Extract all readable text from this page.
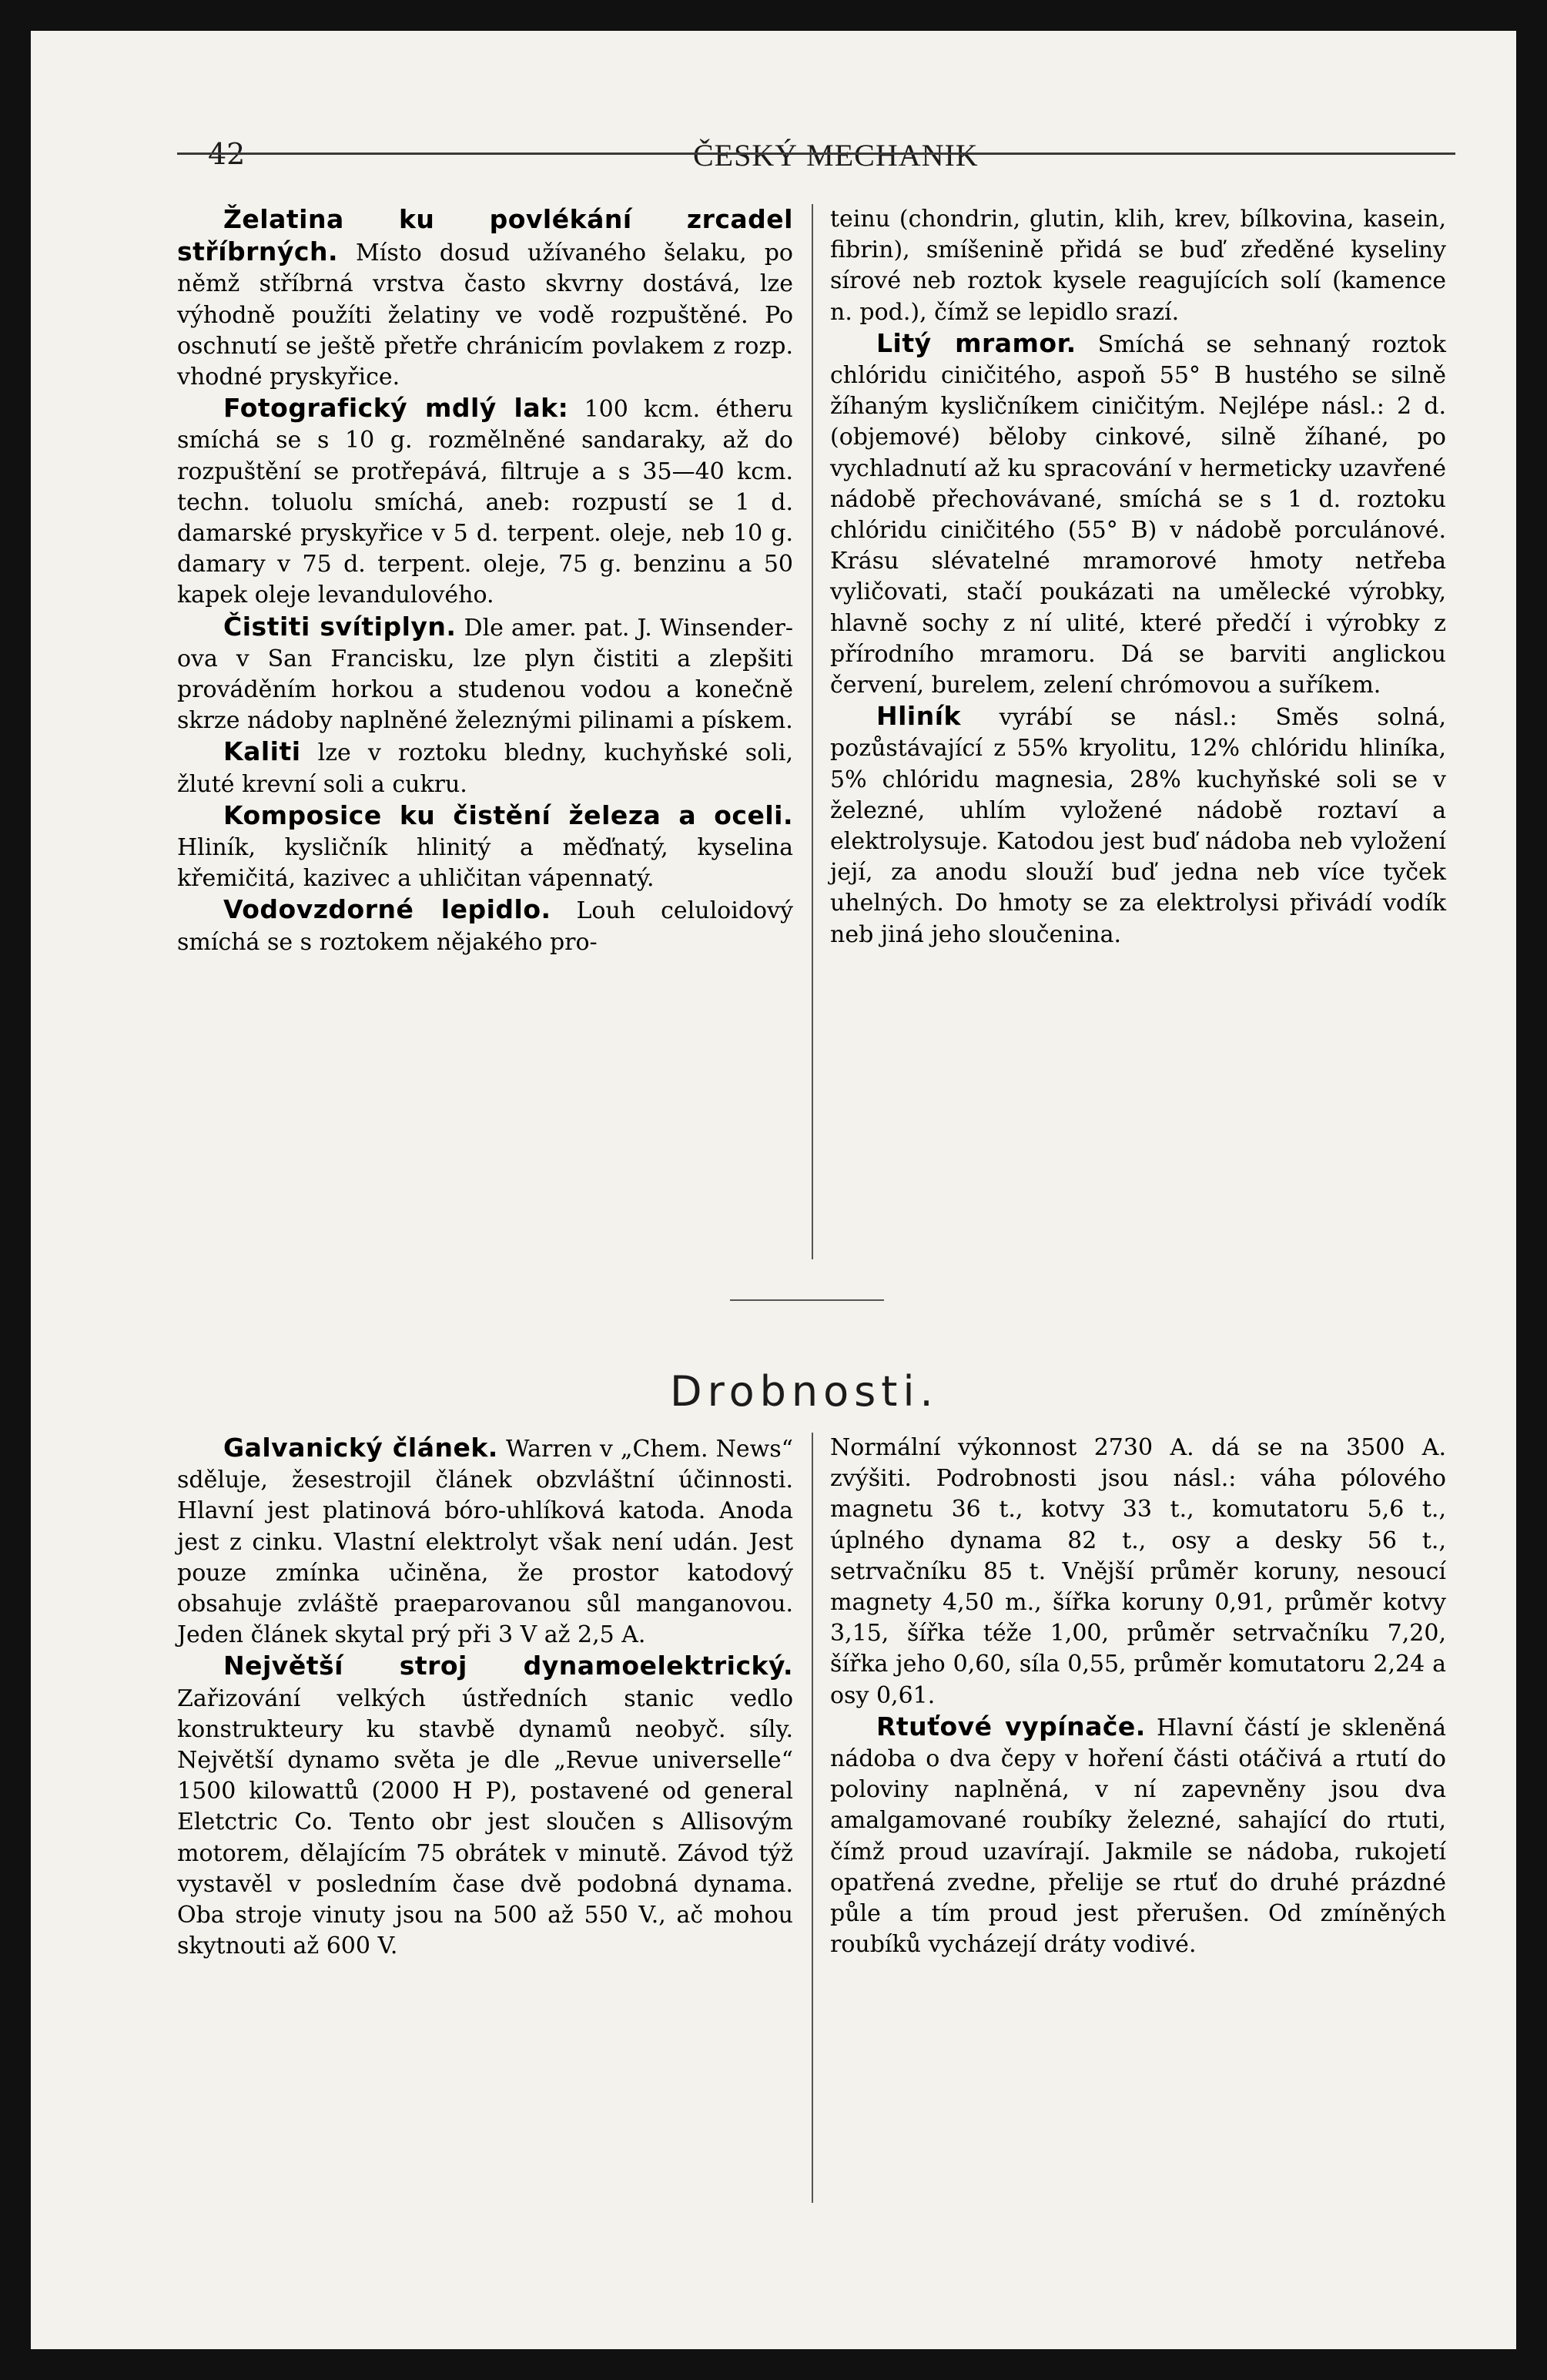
42	ČESKÝ MECHANIK

Želatina ku povlékání zrcadel stříbrných. Místo dosud užívaného šelaku, po němž stříbrná vrstva často skvrny dostává, lze výhodně použíti želatiny ve vodě rozpuštěné. Po oschnutí se ještě přetře chránicím povlakem z rozp. vhodné pryskyřice.

Fotografický mdlý lak: 100 kcm. étheru smíchá se s 10 g. rozmělněné sandaraky, až do rozpuštění se protřepává, filtruje a s 35—40 kcm. techn. toluolu smíchá, aneb: rozpustí se 1 d. damarské pryskyřice v 5 d. terpent. oleje, neb 10 g. damary v 75 d. terpent. oleje, 75 g. benzinu a 50 kapek oleje levandulového.

Čistiti svítiplyn. Dle amer. pat. J. Winsender-ova v San Francisku, lze plyn čistiti a zlepšiti prováděním horkou a studenou vodou a konečně skrze nádoby naplněné železnými pilinami a pískem.

Kaliti lze v roztoku bledny, kuchyňské soli, žluté krevní soli a cukru.

Komposice ku čistění železa a oceli. Hliník, kysličník hlinitý a měďnatý, kyselina křemičitá, kazivec a uhličitan vápennatý.

Vodovzdorné lepidlo. Louh celuloidový smíchá se s roztokem nějakého pro-

teinu (chondrin, glutin, klih, krev, bílkovina, kasein, fibrin), smíšenině přidá se buď zředěné kyseliny sírové neb roztok kysele reagujících solí (kamence n. pod.), čímž se lepidlo srazí.

Litý mramor. Smíchá se sehnaný roztok chlóridu ciničitého, aspoň 55° B hustého se silně žíhaným kysličníkem ciničitým. Nejlépe násl.: 2 d. (objemové) běloby cinkové, silně žíhané, po vychladnutí až ku spracování v hermeticky uzavřené nádobě přechovávané, smíchá se s 1 d. roztoku chlóridu ciničitého (55° B) v nádobě porculánové. Krásu slévatelné mramorové hmoty netřeba vyličovati, stačí poukázati na umělecké výrobky, hlavně sochy z ní ulité, které předčí i výrobky z přírodního mramoru. Dá se barviti anglickou červení, burelem, zelení chrómovou a suříkem.

Hliník vyrábí se násl.: Směs solná, pozůstávající z 55% kryolitu, 12% chlóridu hliníka, 5% chlóridu magnesia, 28% kuchyňské soli se v železné, uhlím vyložené nádobě roztaví a elektrolysuje. Katodou jest buď nádoba neb vyložení její, za anodu slouží buď jedna neb více tyček uhelných. Do hmoty se za elektrolysi přivádí vodík neb jiná jeho sloučenina.

Drobnosti.

Galvanický článek. Warren v „Chem. News“ sděluje, žesestrojil článek obzvláštní účinnosti. Hlavní jest platinová bóro-uhlíková katoda. Anoda jest z cinku. Vlastní elektrolyt však není udán. Jest pouze zmínka učiněna, že prostor katodový obsahuje zvláště praeparovanou sůl manganovou. Jeden článek skytal prý při 3 V až 2,5 A.

Největší stroj dynamoelektrický. Zařizování velkých ústředních stanic vedlo konstrukteury ku stavbě dynamů neobyč. síly. Největší dynamo světa je dle „Revue universelle“ 1500 kilowattů (2000 H P), postavené od general Eletctric Co. Tento obr jest sloučen s Allisovým motorem, dělajícím 75 obrátek v minutě. Závod týž vystavěl v posledním čase dvě podobná dynama. Oba stroje vinuty jsou na 500 až 550 V., ač mohou skytnouti až 600 V.

Normální výkonnost 2730 A. dá se na 3500 A. zvýšiti. Podrobnosti jsou násl.: váha pólového magnetu 36 t., kotvy 33 t., komutatoru 5,6 t., úplného dynama 82 t., osy a desky 56 t., setrvačníku 85 t. Vnější průměr koruny, nesoucí magnety 4,50 m., šířka koruny 0,91, průměr kotvy 3,15, šířka téže 1,00, průměr setrvačníku 7,20, šířka jeho 0,60, síla 0,55, průměr komutatoru 2,24 a osy 0,61.

Rtuťové vypínače. Hlavní částí je skleněná nádoba o dva čepy v hoření části otáčivá a rtutí do poloviny naplněná, v ní zapevněny jsou dva amalgamované roubíky železné, sahající do rtuti, čímž proud uzavírají. Jakmile se nádoba, rukojetí opatřená zvedne, přelije se rtuť do druhé prázdné půle a tím proud jest přerušen. Od zmíněných roubíků vycházejí dráty vodivé.
